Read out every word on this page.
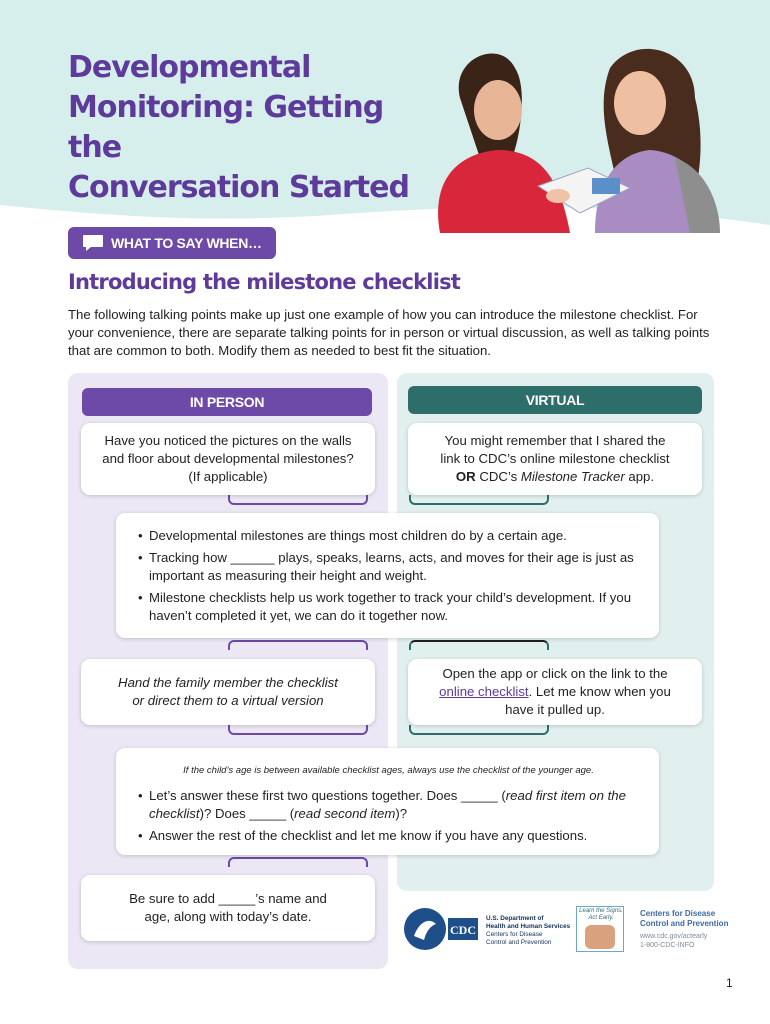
Developmental
Monitoring: Getting the
Conversation Started
WHAT TO SAY WHEN…
Introducing the milestone checklist

The following talking points make up just one example of how you can introduce the milestone checklist. For your convenience, there are separate talking points for in person or virtual discussion, as well as talking points that are common to both. Modify them as needed to best fit the situation.

IN PERSON	VIRTUAL
Have you noticed the pictures on the walls
and floor about developmental milestones?
(If applicable)
You might remember that I shared the
link to CDC’s online milestone checklist
OR CDC’s Milestone Tracker app.
• Developmental milestones are things most children do by a certain age.
• Tracking how ______ plays, speaks, learns, acts, and moves for their age is just as important as measuring their height and weight.
• Milestone checklists help us work together to track your child’s development. If you haven’t completed it yet, we can do it together now.
Hand the family member the checklist
or direct them to a virtual version
Open the app or click on the link to the
online checklist. Let me know when you
have it pulled up.
If the child’s age is between available checklist ages, always use the checklist of the younger age.
• Let’s answer these first two questions together. Does _____ (read first item on the checklist)? Does _____ (read second item)?
• Answer the rest of the checklist and let me know if you have any questions.
Be sure to add _____’s name and
age, along with today’s date.
CDC
U.S. Department of
Health and Human Services
Centers for Disease
Control and Prevention
Learn the Signs.
Act Early.	Centers for Disease
Control and Prevention
www.cdc.gov/actearly
1-800-CDC-INFO
1
